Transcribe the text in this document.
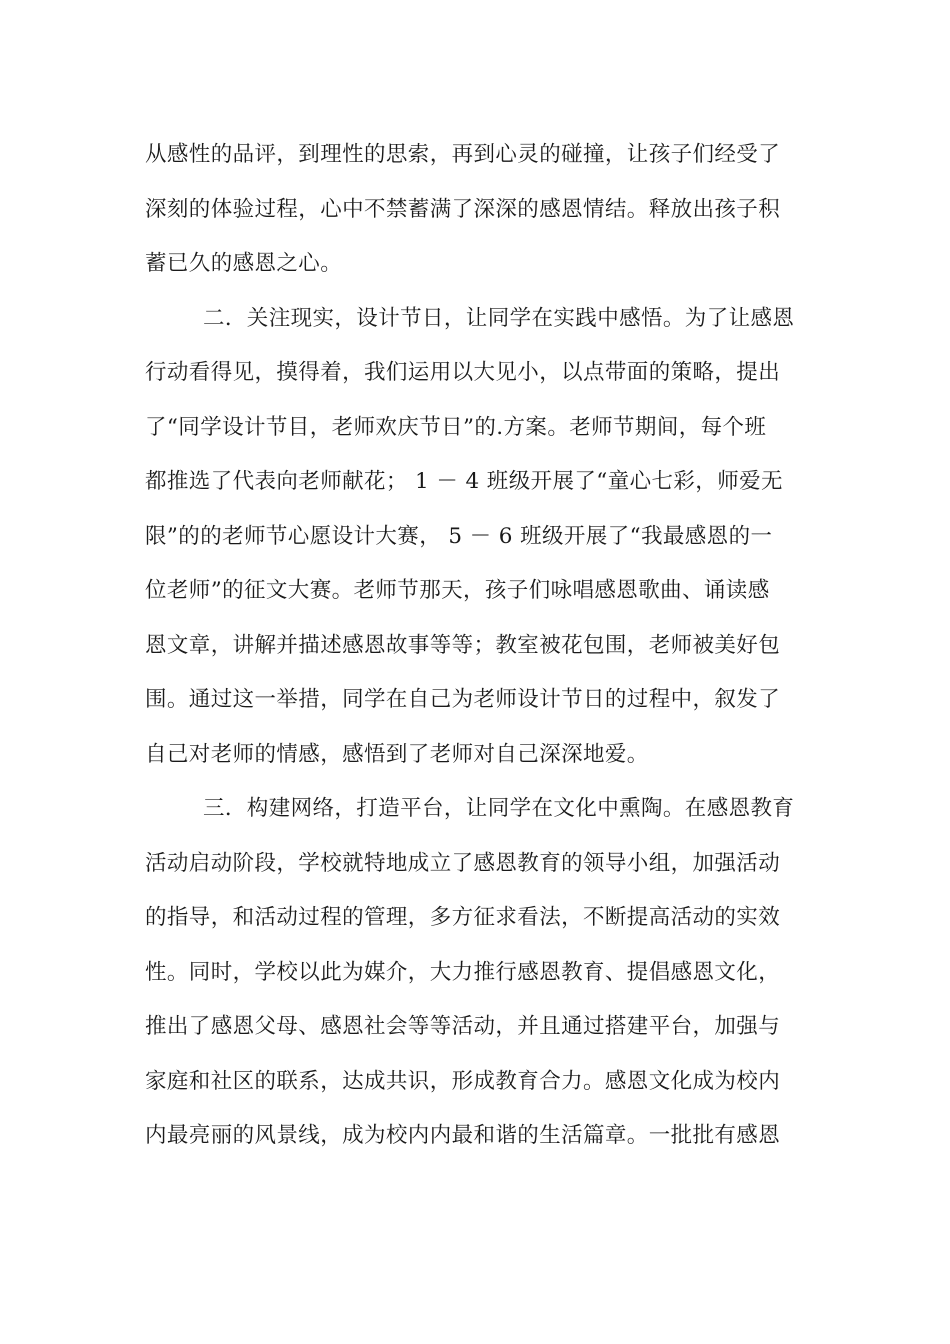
从感性的品评，到理性的思索，再到心灵的碰撞，让孩子们经受了
深刻的体验过程，心中不禁蓄满了深深的感恩情结。释放出孩子积
蓄已久的感恩之心。
二．关注现实，设计节日，让同学在实践中感悟。为了让感恩
行动看得见，摸得着，我们运用以大见小，以点带面的策略，提出
了“同学设计节目，老师欢庆节日”的.方案。老师节期间，每个班
都推选了代表向老师献花； 1 － 4 班级开展了“童心七彩，师爱无
限”的的老师节心愿设计大赛， 5 － 6 班级开展了“我最感恩的一
位老师”的征文大赛。老师节那天，孩子们咏唱感恩歌曲、诵读感
恩文章，讲解并描述感恩故事等等；教室被花包围，老师被美好包
围。通过这一举措，同学在自己为老师设计节日的过程中，叙发了
自己对老师的情感，感悟到了老师对自己深深地爱。
三．构建网络，打造平台，让同学在文化中熏陶。在感恩教育
活动启动阶段，学校就特地成立了感恩教育的领导小组，加强活动
的指导，和活动过程的管理，多方征求看法，不断提高活动的实效
性。同时，学校以此为媒介，大力推行感恩教育、提倡感恩文化，
推出了感恩父母、感恩社会等等活动，并且通过搭建平台，加强与
家庭和社区的联系，达成共识，形成教育合力。感恩文化成为校内
内最亮丽的风景线，成为校内内最和谐的生活篇章。一批批有感恩
